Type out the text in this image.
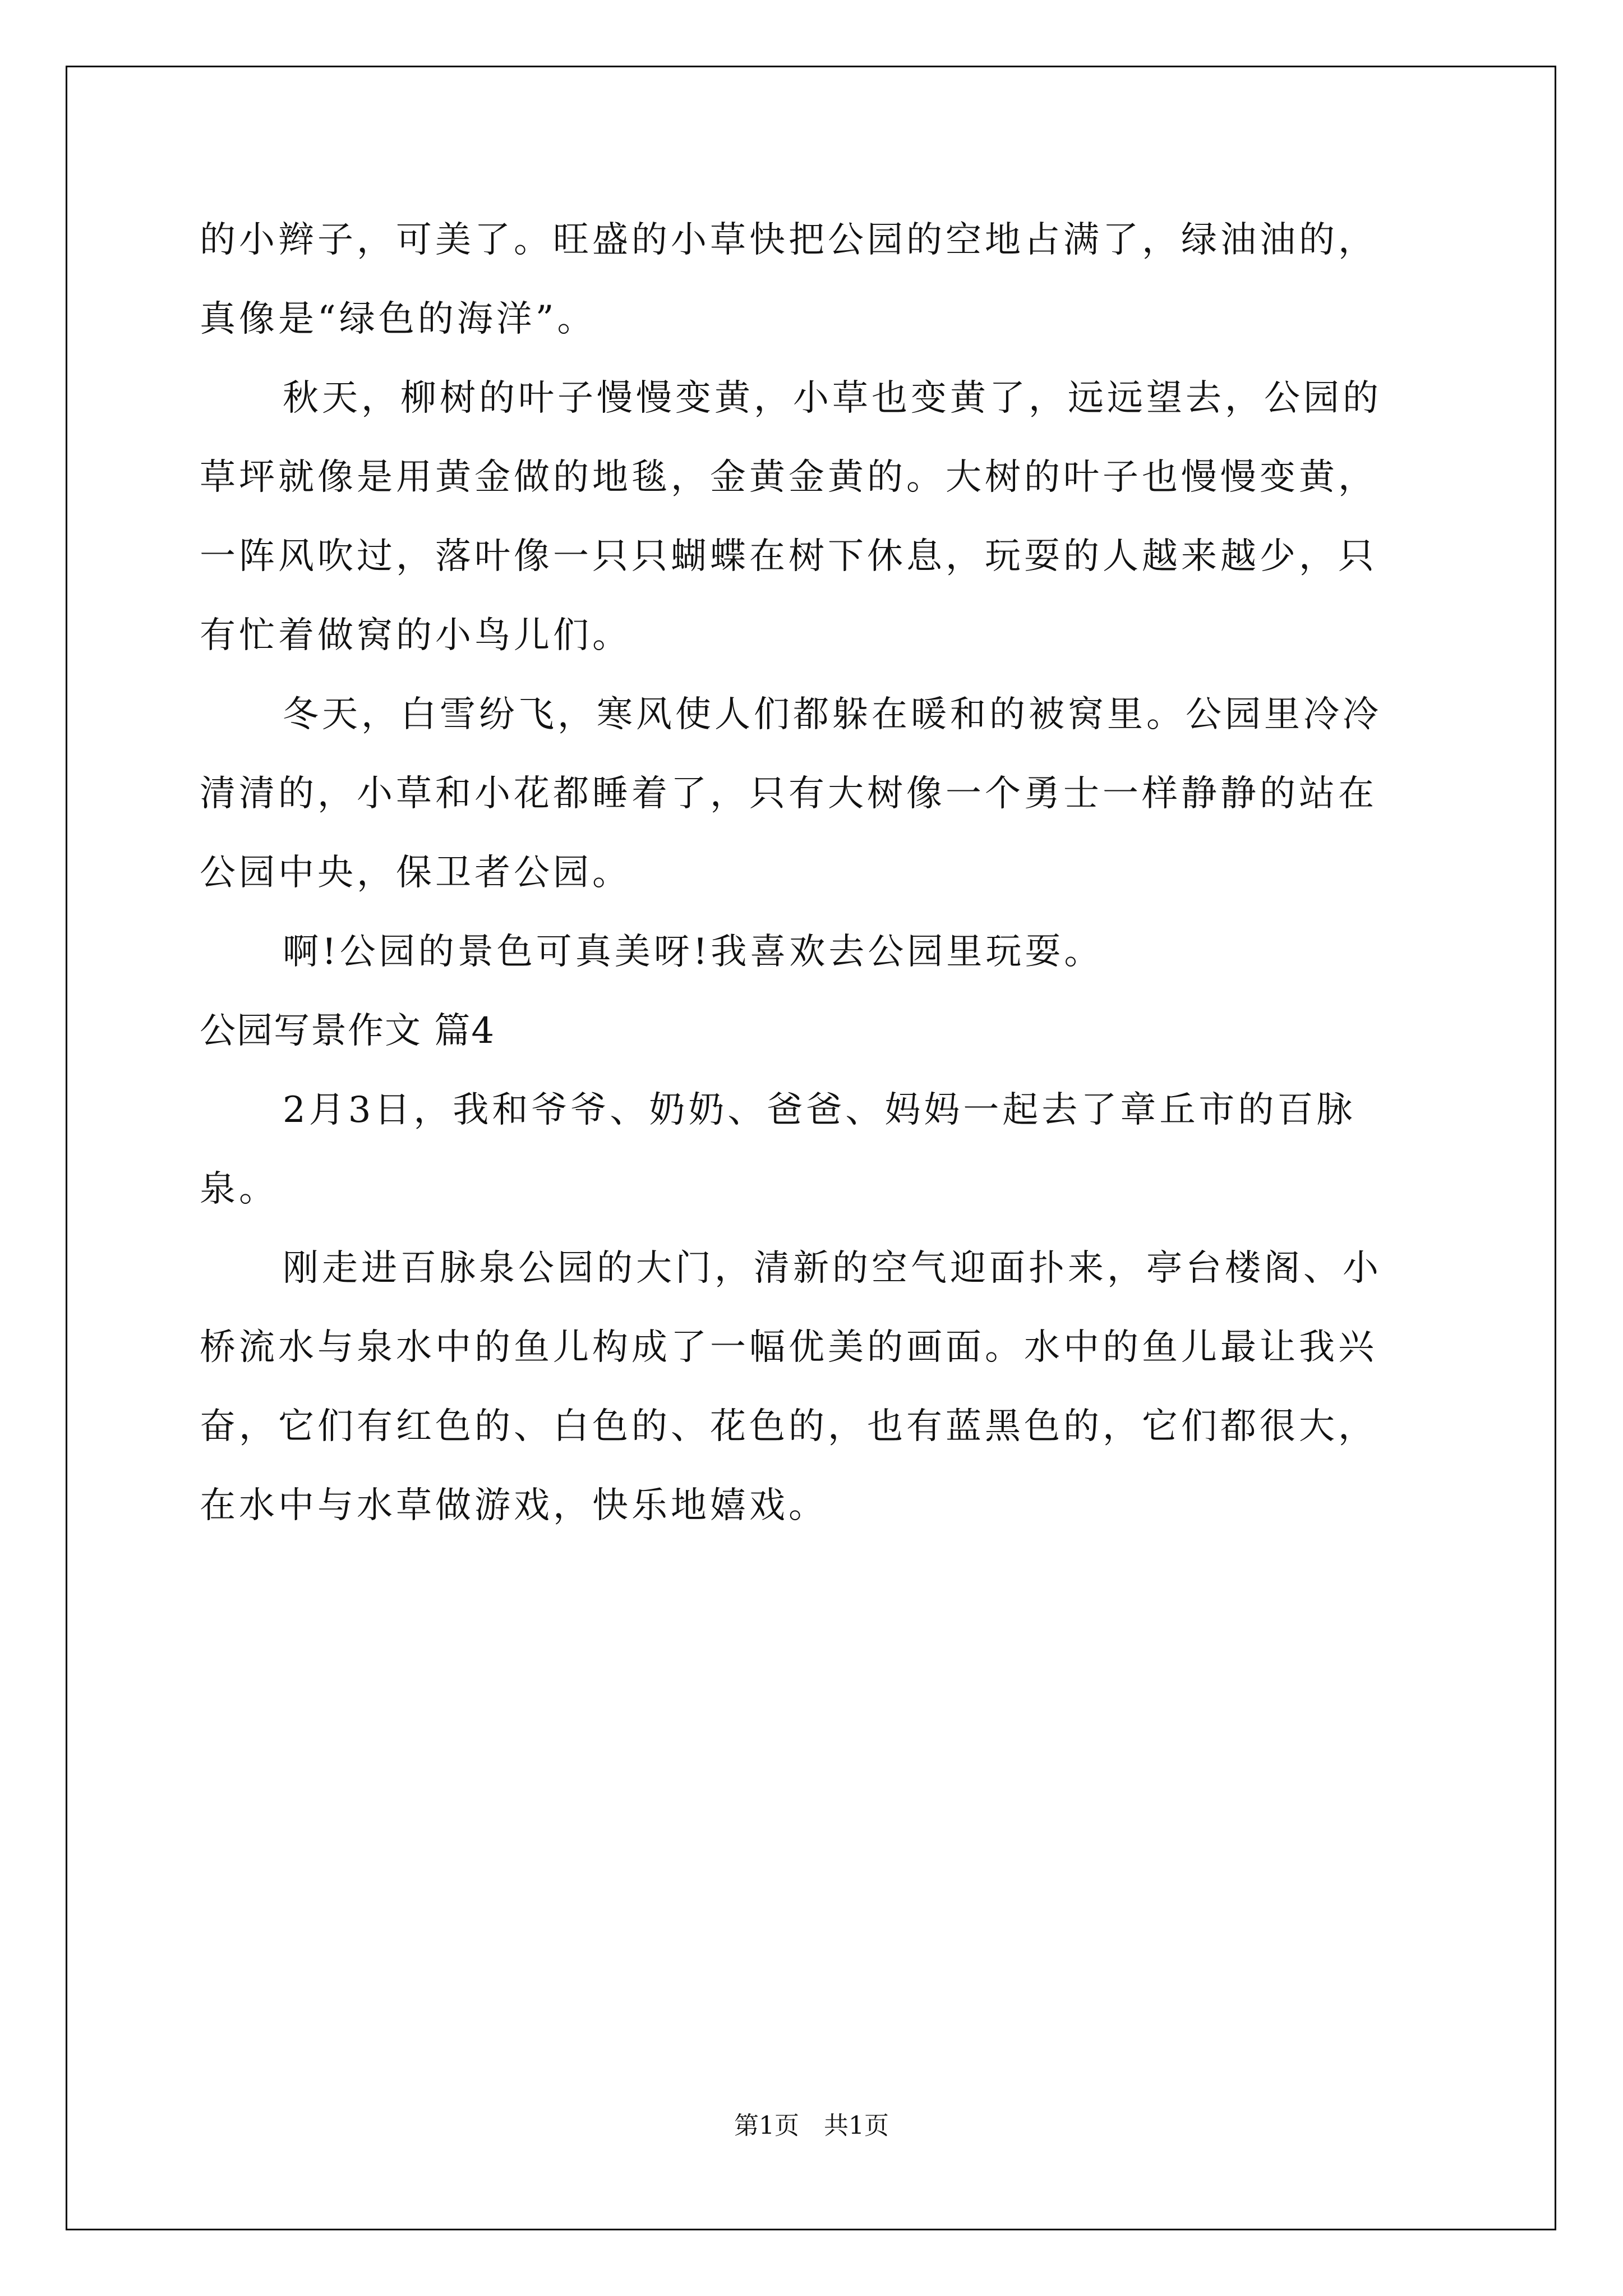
的小辫子，可美了。旺盛的小草快把公园的空地占满了，绿油油的，
真像是“绿色的海洋”。
秋天，柳树的叶子慢慢变黄，小草也变黄了，远远望去，公园的
草坪就像是用黄金做的地毯，金黄金黄的。大树的叶子也慢慢变黄，
一阵风吹过，落叶像一只只蝴蝶在树下休息，玩耍的人越来越少，只
有忙着做窝的小鸟儿们。
冬天，白雪纷飞，寒风使人们都躲在暖和的被窝里。公园里冷冷
清清的，小草和小花都睡着了，只有大树像一个勇士一样静静的站在
公园中央，保卫者公园。
啊!公园的景色可真美呀!我喜欢去公园里玩耍。
公园写景作文 篇4
2月3日，我和爷爷、奶奶、爸爸、妈妈一起去了章丘市的百脉
泉。
刚走进百脉泉公园的大门，清新的空气迎面扑来，亭台楼阁、小
桥流水与泉水中的鱼儿构成了一幅优美的画面。水中的鱼儿最让我兴
奋，它们有红色的、白色的、花色的，也有蓝黑色的，它们都很大，
在水中与水草做游戏，快乐地嬉戏。
第1页　共1页
